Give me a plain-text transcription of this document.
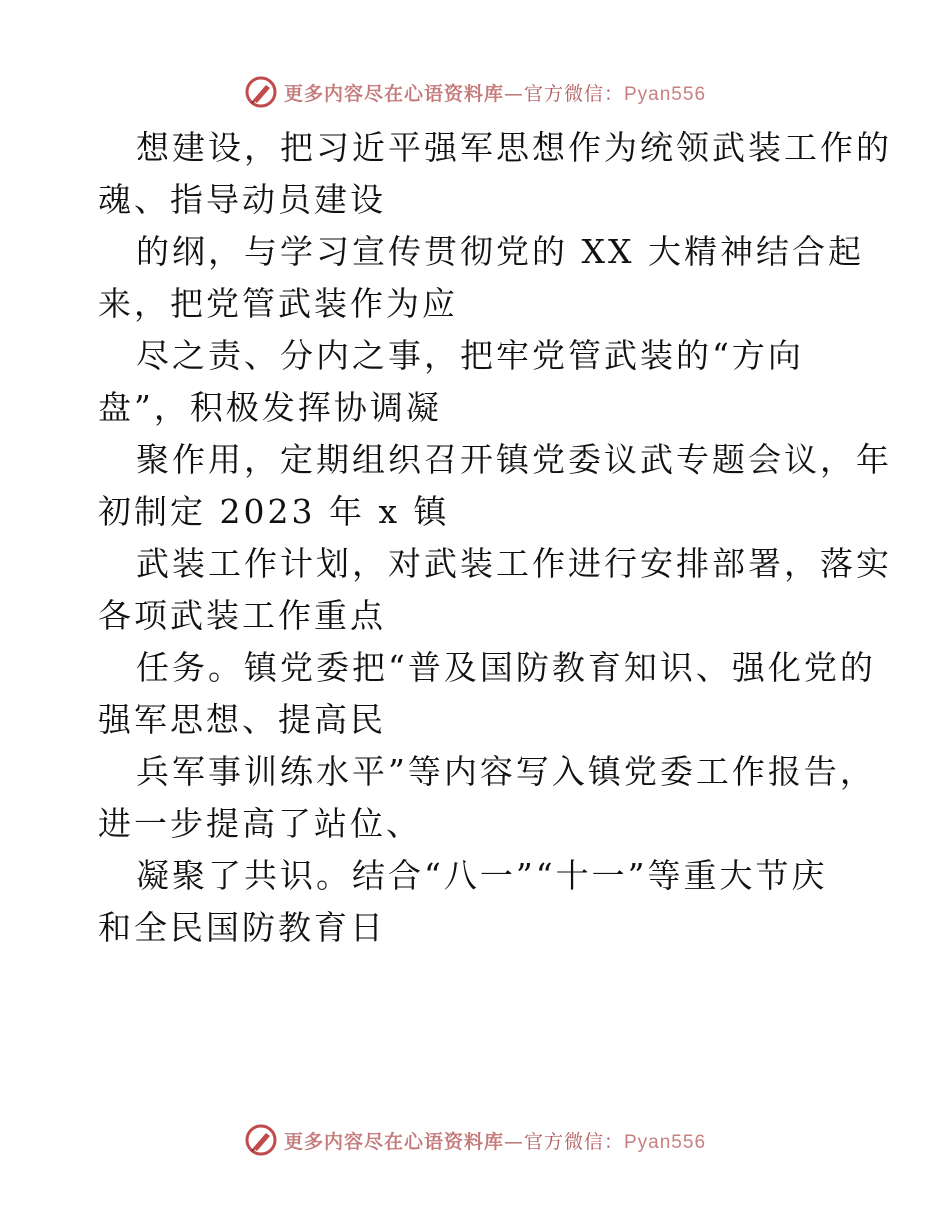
更多内容尽在心语资料库—官方微信：Pyan556
想建设，把习近平强军思想作为统领武装工作的
魂、指导动员建设
的纲，与学习宣传贯彻党的 XX 大精神结合起
来，把党管武装作为应
尽之责、分内之事，把牢党管武装的“方向
盘”，积极发挥协调凝
聚作用，定期组织召开镇党委议武专题会议，年
初制定 2023 年 x 镇
武装工作计划，对武装工作进行安排部署，落实
各项武装工作重点
任务。镇党委把“普及国防教育知识、强化党的
强军思想、提高民
兵军事训练水平”等内容写入镇党委工作报告，
进一步提高了站位、
凝聚了共识。结合“八一”“十一”等重大节庆
和全民国防教育日
更多内容尽在心语资料库—官方微信：Pyan556
